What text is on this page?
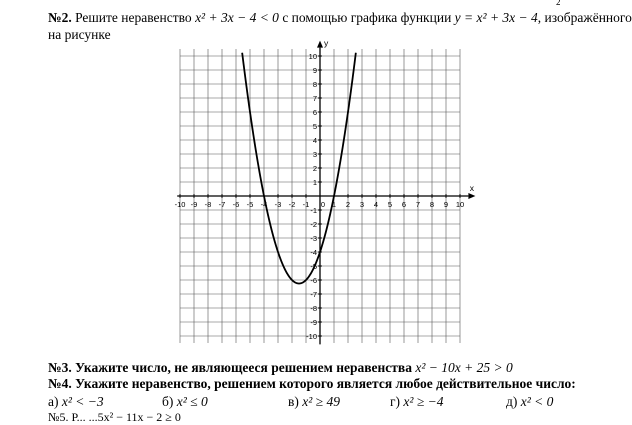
2
№2. Решите неравенство x² + 3x − 4 < 0 с помощью графика функции y = x² + 3x − 4, изображённого
на рисунке
x
y
-10 -9 -8 -7 -6 -5 -4 -3 -2 -1 0 1 2 3 4 5 6 7 8 9 10
10
9
8
7
6
5
4
3
2
1
-1
-2
-3
-4
-5
-6
-7
-8
-9
-10
№3. Укажите число, не являющееся решением неравенства x² − 10x + 25 > 0
№4. Укажите неравенство, решением которого является любое действительное число:
а) x² < −3	б) x² ≤ 0	в) x² ≥ 49	г) x² ≥ −4	д) x² < 0
№5. Р... ...5x² − 11x − 2 ≥ 0
